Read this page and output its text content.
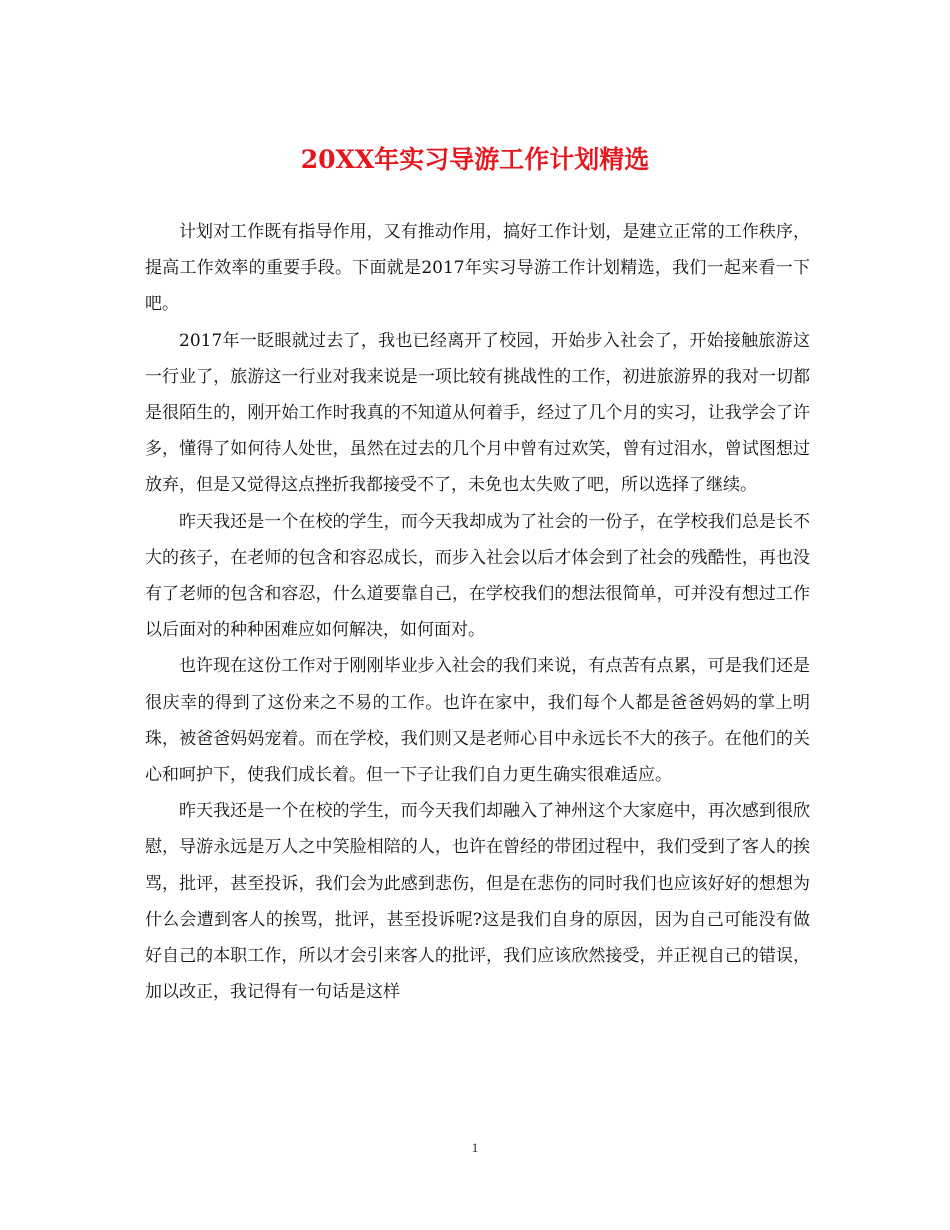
20XX年实习导游工作计划精选

计划对工作既有指导作用，又有推动作用，搞好工作计划，是建立正常的工作秩序，提高工作效率的重要手段。下面就是2017年实习导游工作计划精选，我们一起来看一下吧。

2017年一眨眼就过去了，我也已经离开了校园，开始步入社会了，开始接触旅游这一行业了，旅游这一行业对我来说是一项比较有挑战性的工作，初进旅游界的我对一切都是很陌生的，刚开始工作时我真的不知道从何着手，经过了几个月的实习，让我学会了许多，懂得了如何待人处世，虽然在过去的几个月中曾有过欢笑，曾有过泪水，曾试图想过放弃，但是又觉得这点挫折我都接受不了，未免也太失败了吧，所以选择了继续。

昨天我还是一个在校的学生，而今天我却成为了社会的一份子，在学校我们总是长不大的孩子，在老师的包含和容忍成长，而步入社会以后才体会到了社会的残酷性，再也没有了老师的包含和容忍，什么道要靠自己，在学校我们的想法很简单，可并没有想过工作以后面对的种种困难应如何解决，如何面对。

也许现在这份工作对于刚刚毕业步入社会的我们来说，有点苦有点累，可是我们还是很庆幸的得到了这份来之不易的工作。也许在家中，我们每个人都是爸爸妈妈的掌上明珠，被爸爸妈妈宠着。而在学校，我们则又是老师心目中永远长不大的孩子。在他们的关心和呵护下，使我们成长着。但一下子让我们自力更生确实很难适应。

昨天我还是一个在校的学生，而今天我们却融入了神州这个大家庭中，再次感到很欣慰，导游永远是万人之中笑脸相陪的人，也许在曾经的带团过程中，我们受到了客人的挨骂，批评，甚至投诉，我们会为此感到悲伤，但是在悲伤的同时我们也应该好好的想想为什么会遭到客人的挨骂，批评，甚至投诉呢?这是我们自身的原因，因为自己可能没有做好自己的本职工作，所以才会引来客人的批评，我们应该欣然接受，并正视自己的错误，加以改正，我记得有一句话是这样

1
